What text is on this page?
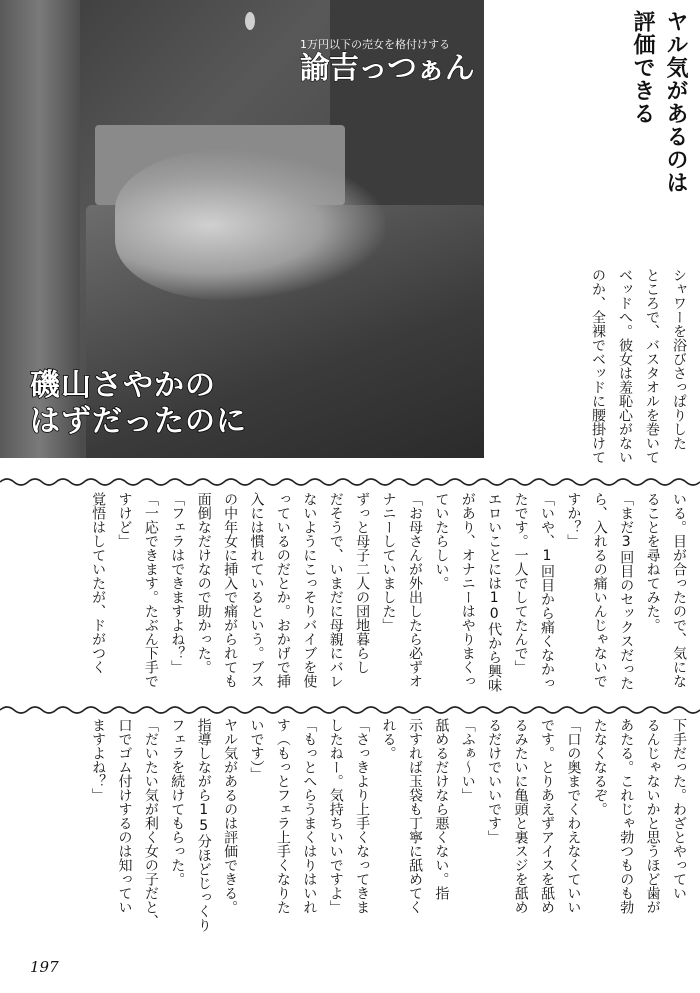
1万円以下の売女を格付けする
諭吉っつぁん
磯山さやかの
はずだったのに
ヤル気があるのは
評価できる
シャワーを浴びさっぱりした
ところで、バスタオルを巻いて
ベッドへ。彼女は羞恥心がない
のか、全裸でベッドに腰掛けて
いる。目が合ったので、気にな
ることを尋ねてみた。
「まだ3回目のセックスだった
ら、入れるの痛いんじゃないで
すか？」
「いや、1回目から痛くなかっ
たです。一人でしてたんで」
エロいことには10代から興味
があり、オナニーはやりまくっ
ていたらしい。
「お母さんが外出したら必ずオ
ナニーしていました」
ずっと母子二人の団地暮らし
だそうで、いまだに母親にバレ
ないようにこっそりバイブを使
っているのだとか。おかげで挿
入には慣れているという。ブス
の中年女に挿入で痛がられても
面倒なだけなので助かった。
「フェラはできますよね？」
「一応できます。たぶん下手で
すけど」
覚悟はしていたが、ドがつく
下手だった。わざとやってい
るんじゃないかと思うほど歯が
あたる。これじゃ勃つものも勃
たなくなるぞ。
「口の奥までくわえなくていい
です。とりあえずアイスを舐め
るみたいに亀頭と裏スジを舐め
るだけでいいです」
「ふぁ〜い」
舐めるだけなら悪くない。指
示すれば玉袋も丁寧に舐めてく
れる。
「さっきより上手くなってきま
したねー。気持ちいいですよ」
「もっとへらうまくはりはいれ
す（もっとフェラ上手くなりた
いです）」
ヤル気があるのは評価できる。
指導しながら15分ほどじっくり
フェラを続けてもらった。
「だいたい気が利く女の子だと、
口でゴム付けするのは知ってい
ますよね？」
197
